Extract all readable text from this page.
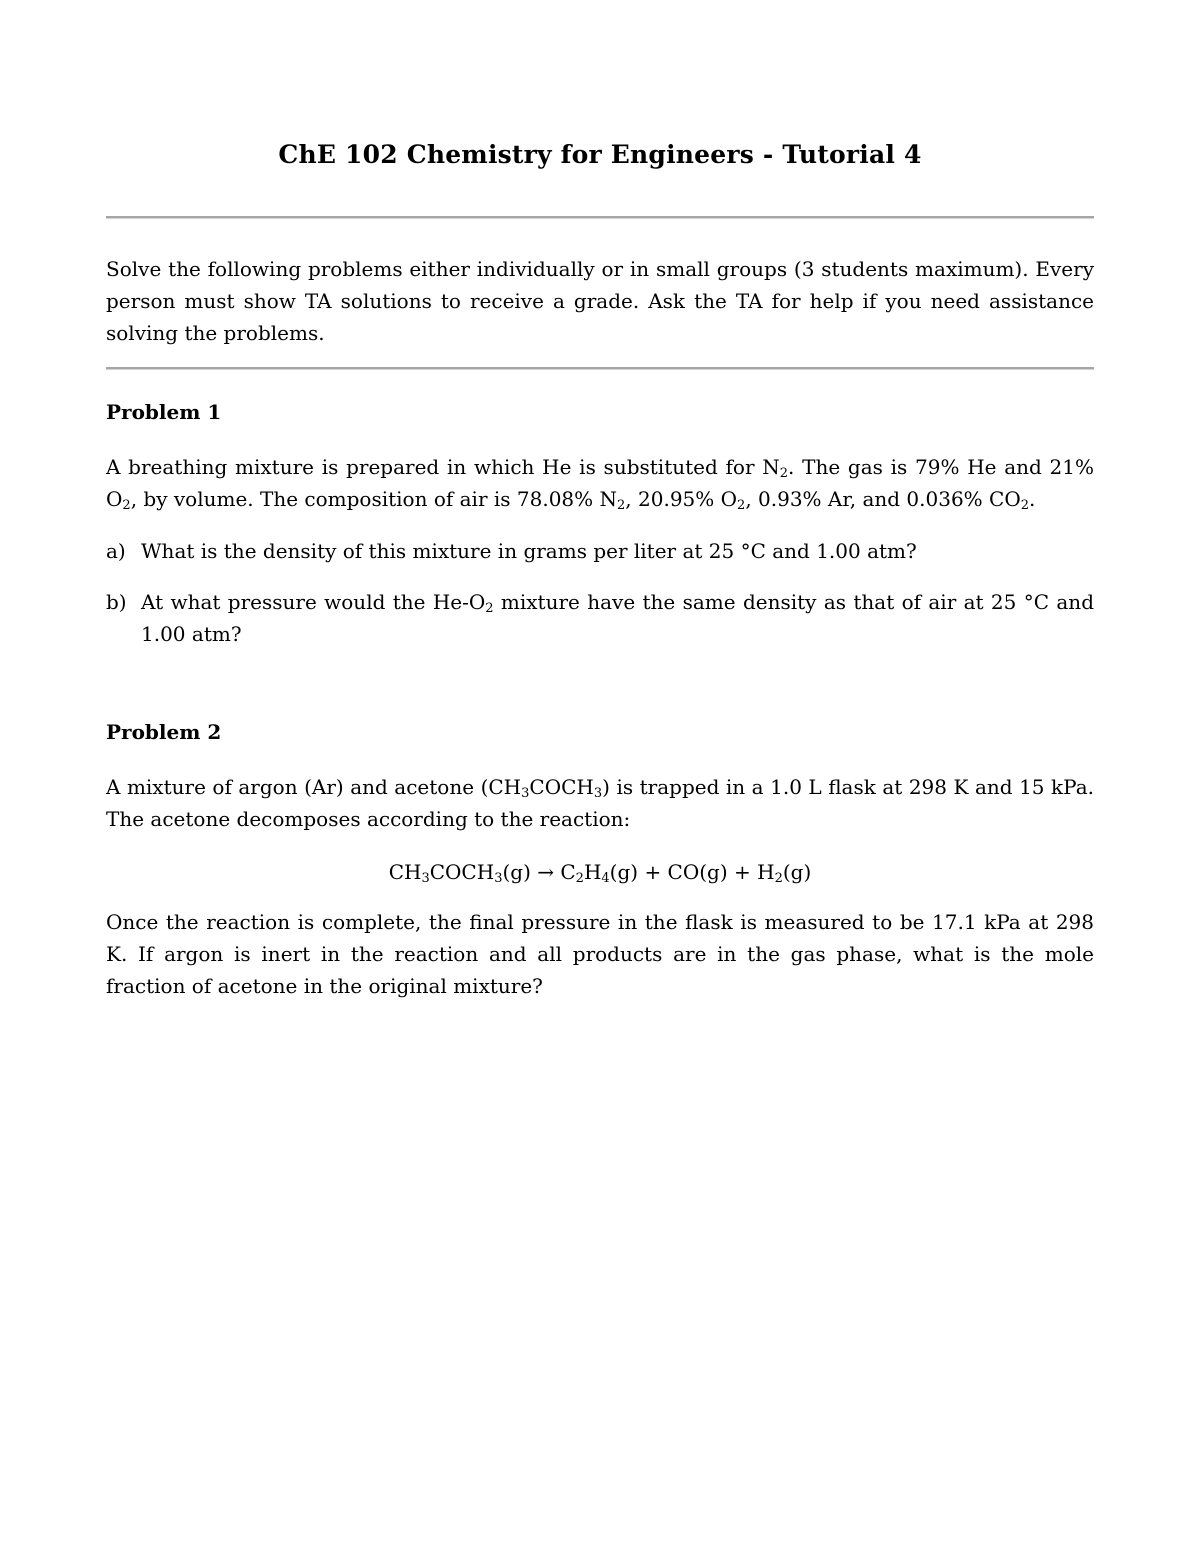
ChE 102 Chemistry for Engineers - Tutorial 4
Solve the following problems either individually or in small groups (3 students maximum). Every person must show TA solutions to receive a grade. Ask the TA for help if you need assistance solving the problems.
Problem 1
A breathing mixture is prepared in which He is substituted for $N_2$. The gas is 79% He and 21% $O_2$, by volume. The composition of air is 78.08% $N_2$, 20.95% $O_2$, 0.93% Ar, and 0.036% $CO_2$.
a) What is the density of this mixture in grams per liter at 25 °C and 1.00 atm?
b) At what pressure would the $He-O_2$ mixture have the same density as that of air at 25 °C and 1.00 atm?
Problem 2
A mixture of argon (Ar) and acetone $(CH_3COCH_3)$ is trapped in a 1.0 L flask at 298 K and 15 kPa. The acetone decomposes according to the reaction:
$CH_3COCH_3(g) \to C_2H_4(g) + CO(g) + H_2(g)$
Once the reaction is complete, the final pressure in the flask is measured to be 17.1 kPa at 298 K. If argon is inert in the reaction and all products are in the gas phase, what is the mole fraction of acetone in the original mixture?
